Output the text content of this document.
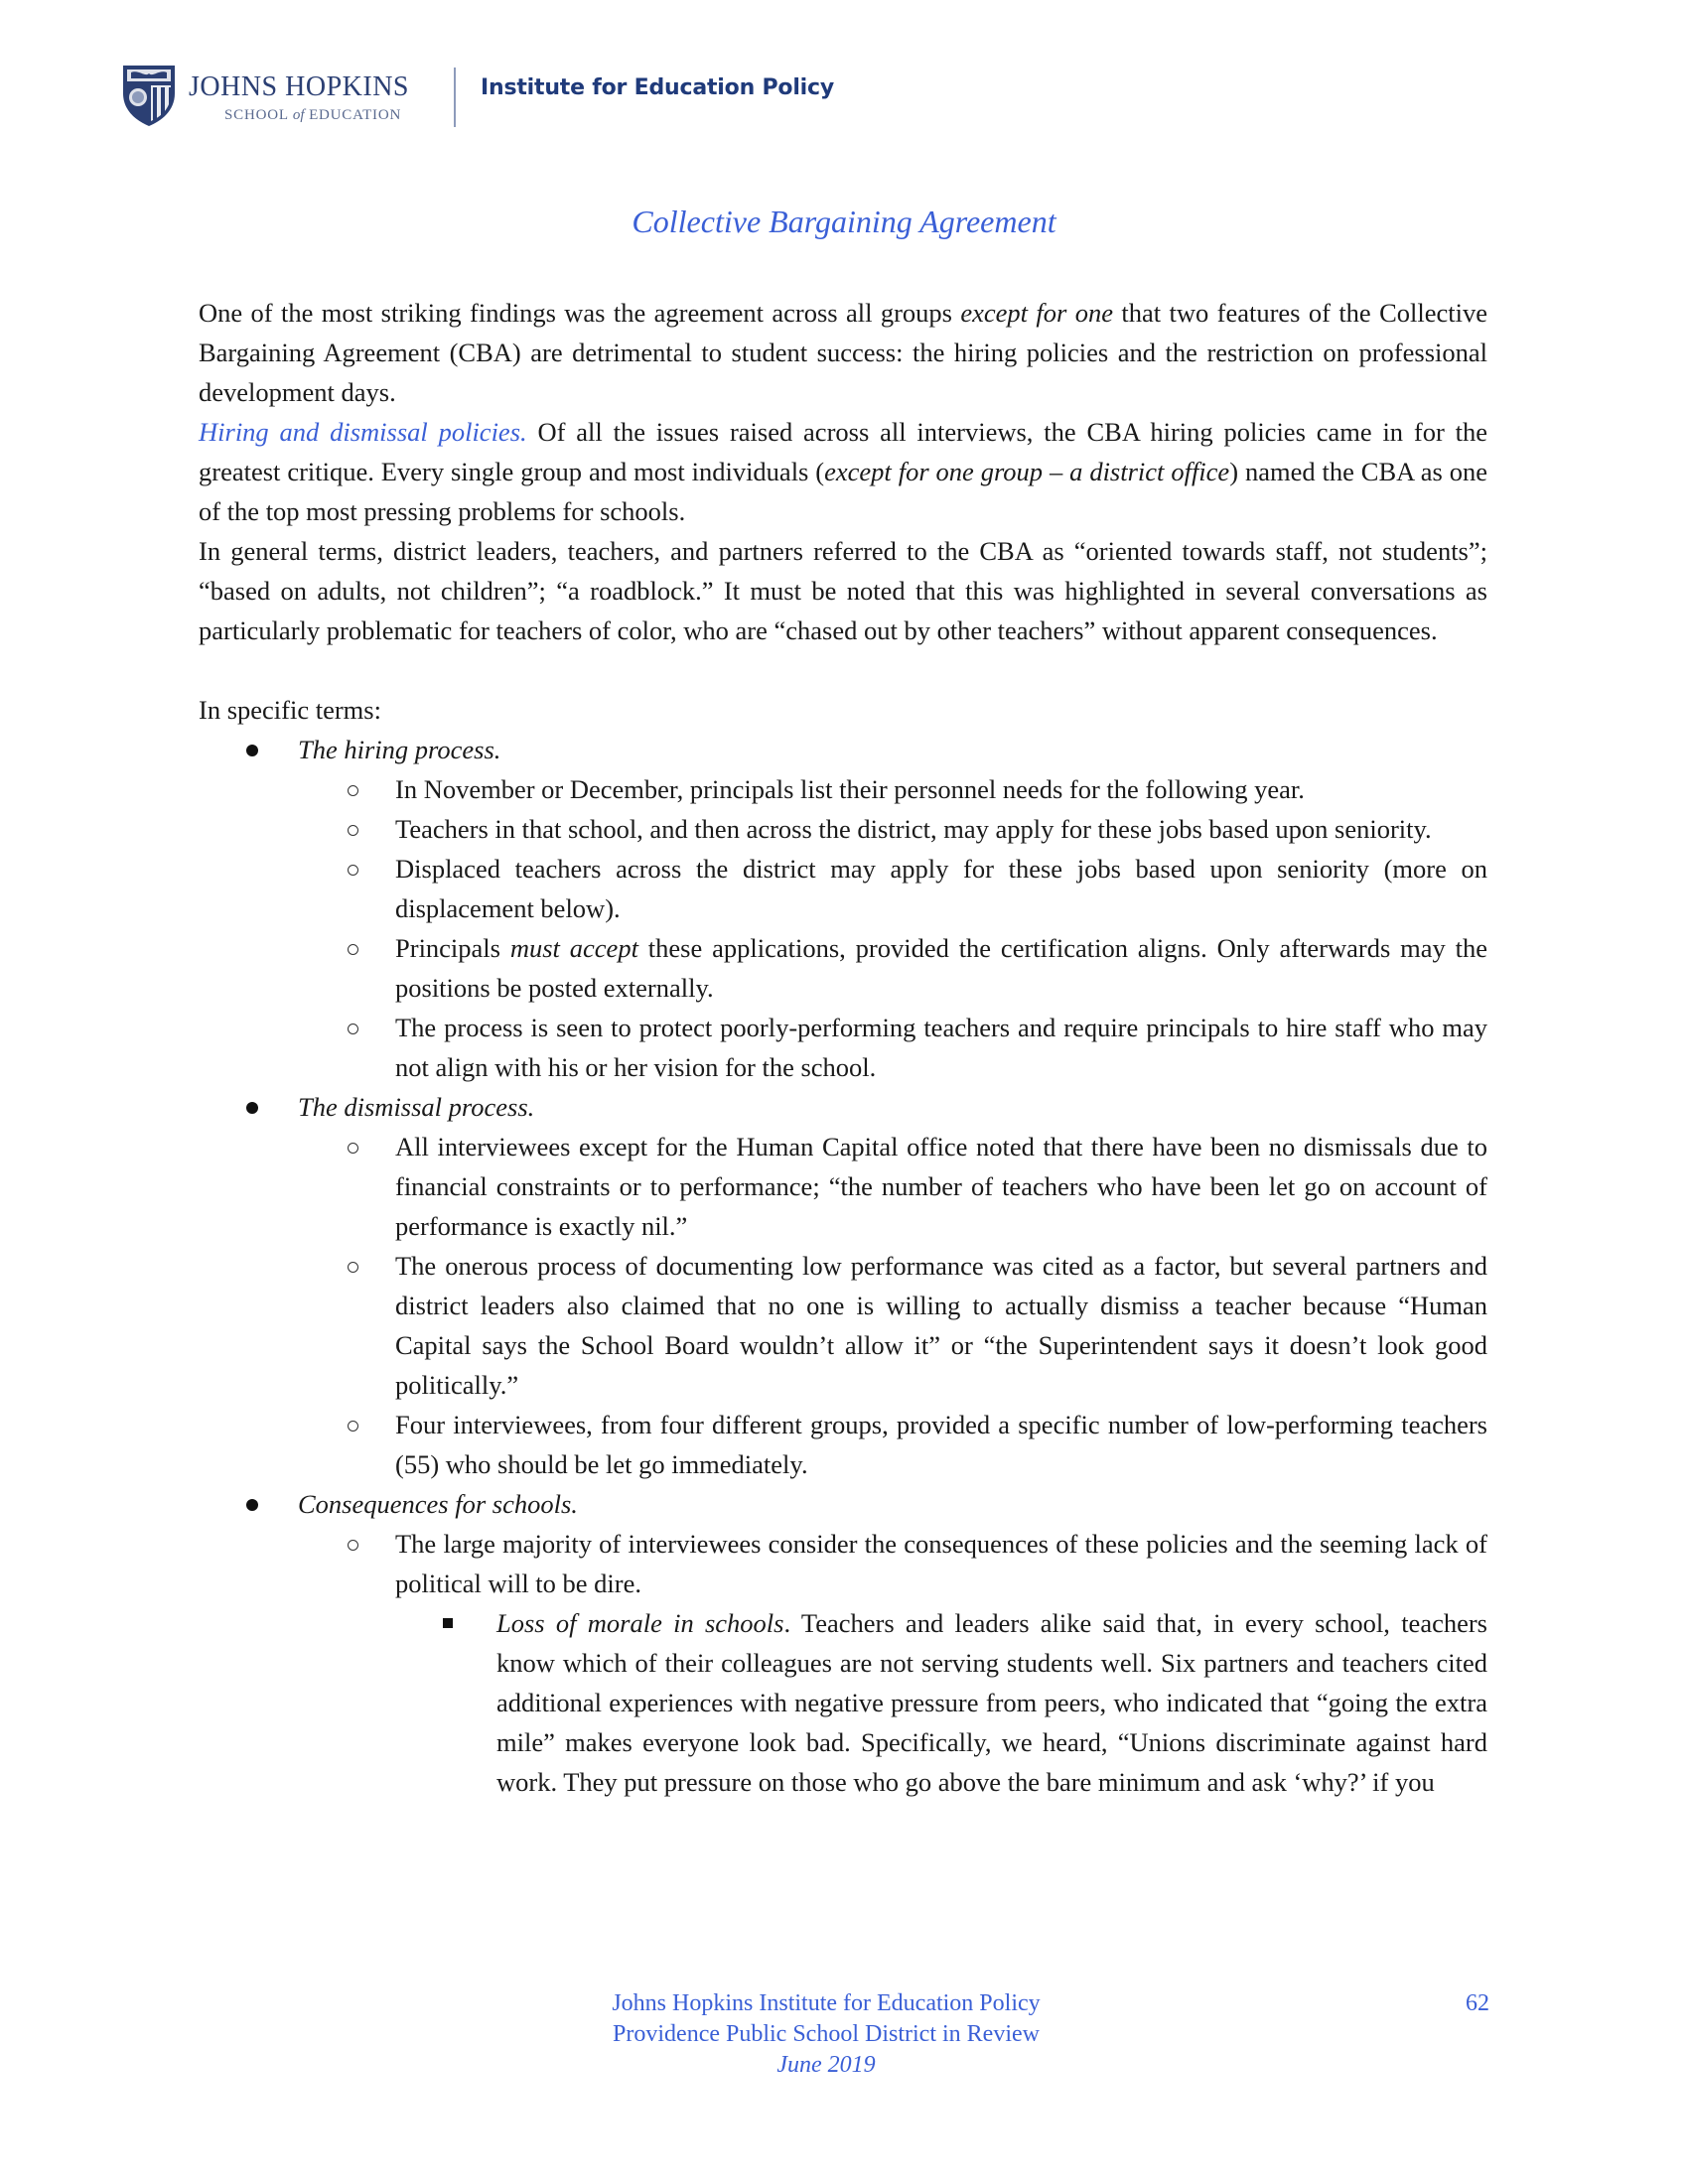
JOHNS HOPKINS
SCHOOL of EDUCATION
Institute for Education Policy
Collective Bargaining Agreement

One of the most striking findings was the agreement across all groups except for one that two features of the Collective Bargaining Agreement (CBA) are detrimental to student success: the hiring policies and the restriction on professional development days.

Hiring and dismissal policies. Of all the issues raised across all interviews, the CBA hiring policies came in for the greatest critique. Every single group and most individuals (except for one group – a district office) named the CBA as one of the top most pressing problems for schools.

In general terms, district leaders, teachers, and partners referred to the CBA as “oriented towards staff, not students”; “based on adults, not children”; “a roadblock.” It must be noted that this was highlighted in several conversations as particularly problematic for teachers of color, who are “chased out by other teachers” without apparent consequences.

In specific terms:

The hiring process.
In November or December, principals list their personnel needs for the following year.
Teachers in that school, and then across the district, may apply for these jobs based upon seniority.
Displaced teachers across the district may apply for these jobs based upon seniority (more on displacement below).
Principals must accept these applications, provided the certification aligns. Only afterwards may the positions be posted externally.
The process is seen to protect poorly-performing teachers and require principals to hire staff who may not align with his or her vision for the school.
The dismissal process.
All interviewees except for the Human Capital office noted that there have been no dismissals due to financial constraints or to performance; “the number of teachers who have been let go on account of performance is exactly nil.”
The onerous process of documenting low performance was cited as a factor, but several partners and district leaders also claimed that no one is willing to actually dismiss a teacher because “Human Capital says the School Board wouldn’t allow it” or “the Superintendent says it doesn’t look good politically.”
Four interviewees, from four different groups, provided a specific number of low-performing teachers (55) who should be let go immediately.
Consequences for schools.
The large majority of interviewees consider the consequences of these policies and the seeming lack of political will to be dire.
Loss of morale in schools. Teachers and leaders alike said that, in every school, teachers know which of their colleagues are not serving students well. Six partners and teachers cited additional experiences with negative pressure from peers, who indicated that “going the extra mile” makes everyone look bad. Specifically, we heard, “Unions discriminate against hard work. They put pressure on those who go above the bare minimum and ask ‘why?’ if you
Johns Hopkins Institute for Education Policy
Providence Public School District in Review
June 2019
62
